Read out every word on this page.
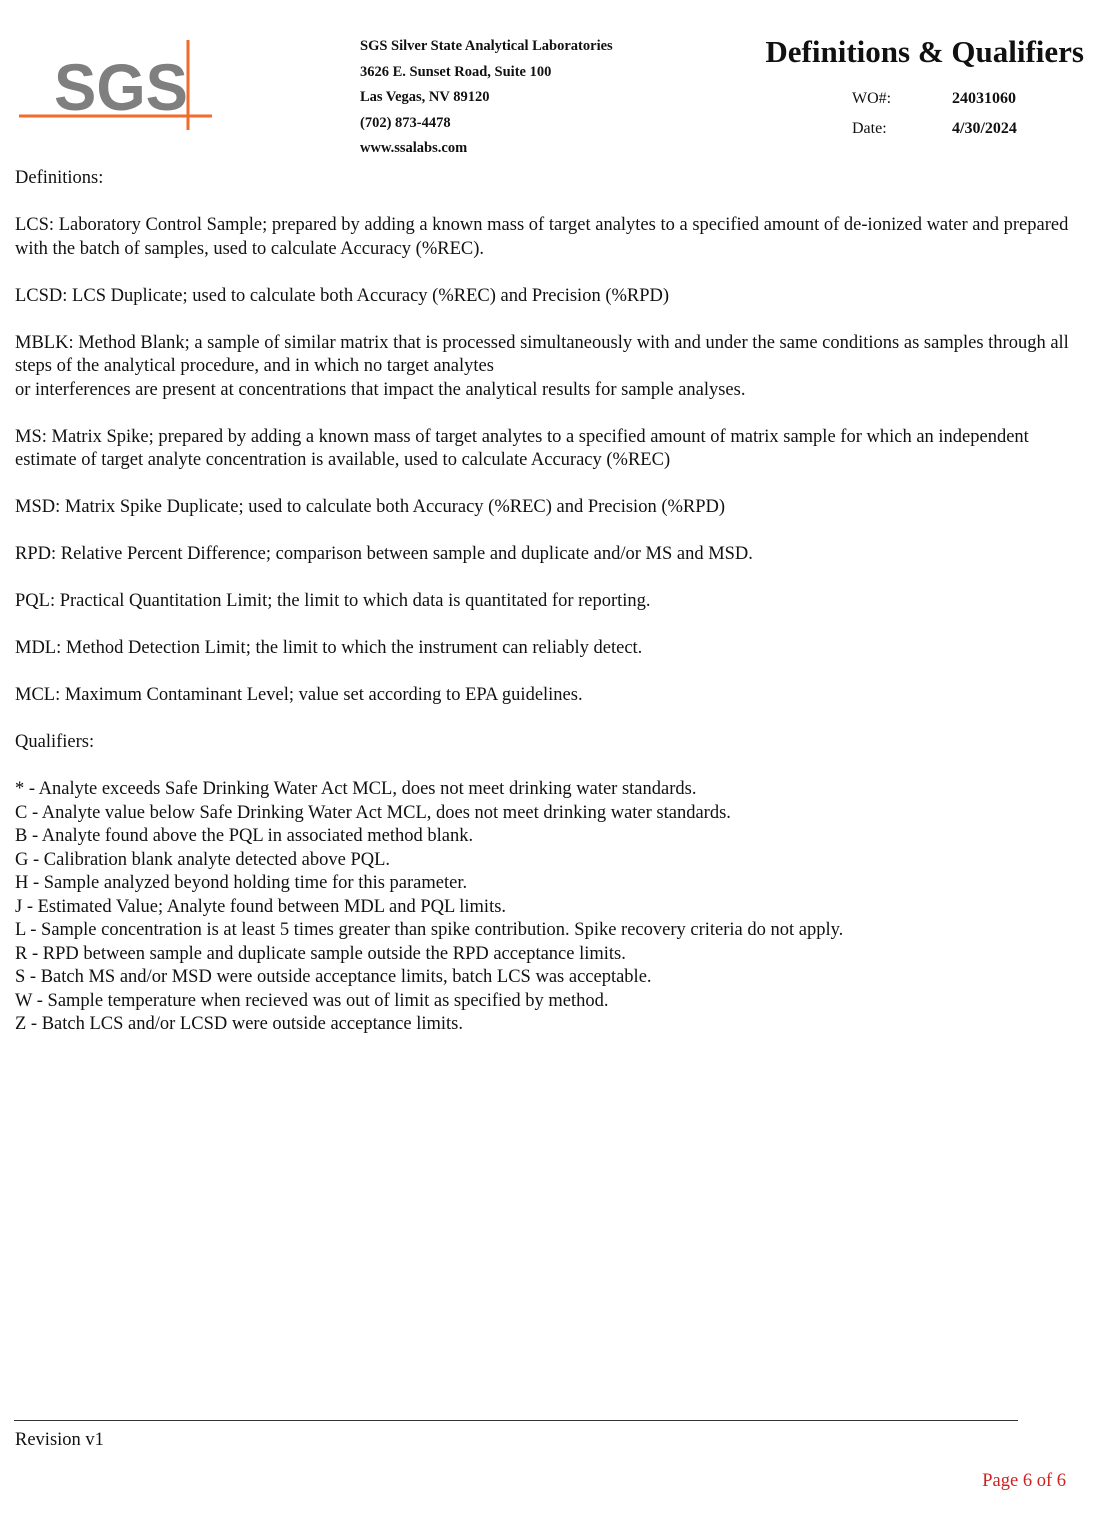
SGS
SGS Silver State Analytical Laboratories
3626 E. Sunset Road, Suite 100
Las Vegas, NV 89120
(702) 873-4478
www.ssalabs.com
Definitions & Qualifiers
WO#:	24031060
Date:	4/30/2024

Definitions:

LCS: Laboratory Control Sample; prepared by adding a known mass of target analytes to a specified amount of de-ionized water and prepared with the batch of samples, used to calculate Accuracy (%REC).

LCSD: LCS Duplicate; used to calculate both Accuracy (%REC) and Precision (%RPD)

MBLK: Method Blank; a sample of similar matrix that is processed simultaneously with and under the same conditions as samples through all steps of the analytical procedure, and in which no target analytes
or interferences are present at concentrations that impact the analytical results for sample analyses.

MS: Matrix Spike; prepared by adding a known mass of target analytes to a specified amount of matrix sample for which an independent estimate of target analyte concentration is available, used to calculate Accuracy (%REC)

MSD: Matrix Spike Duplicate; used to calculate both Accuracy (%REC) and Precision (%RPD)

RPD: Relative Percent Difference; comparison between sample and duplicate and/or MS and MSD.

PQL: Practical Quantitation Limit; the limit to which data is quantitated for reporting.

MDL: Method Detection Limit; the limit to which the instrument can reliably detect.

MCL: Maximum Contaminant Level; value set according to EPA guidelines.

Qualifiers:

* - Analyte exceeds Safe Drinking Water Act MCL, does not meet drinking water standards.
C - Analyte value below Safe Drinking Water Act MCL, does not meet drinking water standards.
B - Analyte found above the PQL in associated method blank.
G - Calibration blank analyte detected above PQL.
H - Sample analyzed beyond holding time for this parameter.
J - Estimated Value; Analyte found between MDL and PQL limits.
L - Sample concentration is at least 5 times greater than spike contribution. Spike recovery criteria do not apply.
R - RPD between sample and duplicate sample outside the RPD acceptance limits.
S - Batch MS and/or MSD were outside acceptance limits, batch LCS was acceptable.
W - Sample temperature when recieved was out of limit as specified by method.
Z - Batch LCS and/or LCSD were outside acceptance limits.
Revision v1
Page 6 of 6
